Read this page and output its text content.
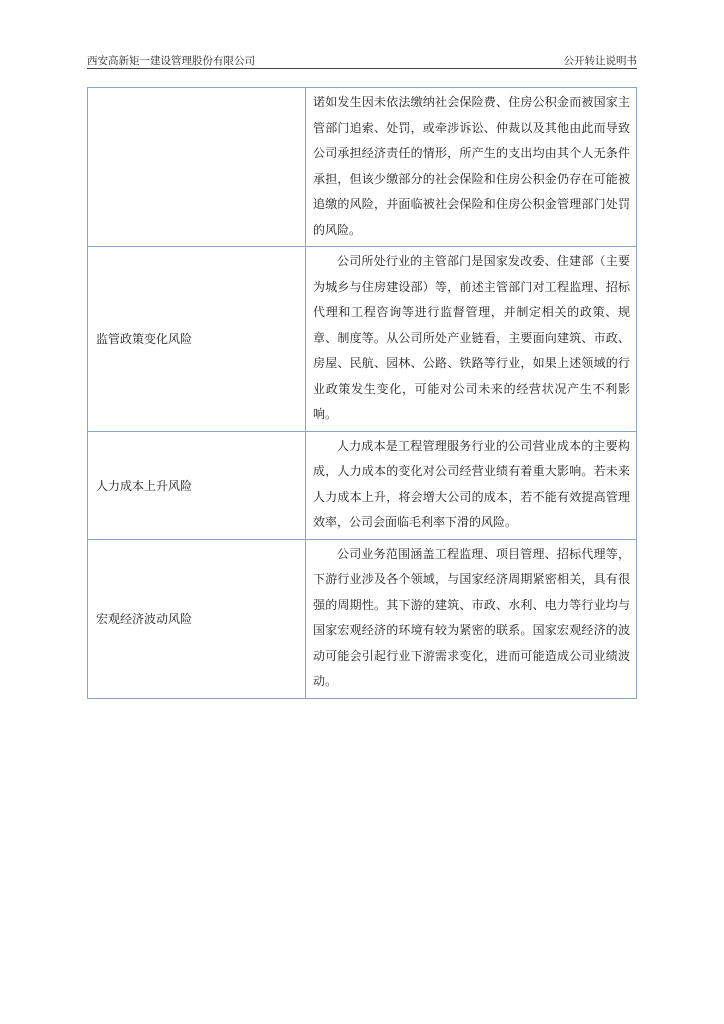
西安高新矩一建设管理股份有限公司	公开转让说明书

	诺如发生因未依法缴纳社会保险费、住房公积金而被国家主管部门追索、处罚，或牵涉诉讼、仲裁以及其他由此而导致公司承担经济责任的情形，所产生的支出均由其个人无条件承担，但该少缴部分的社会保险和住房公积金仍存在可能被追缴的风险，并面临被社会保险和住房公积金管理部门处罚的风险。

监管政策变化风险	公司所处行业的主管部门是国家发改委、住建部（主要为城乡与住房建设部）等，前述主管部门对工程监理、招标代理和工程咨询等进行监督管理，并制定相关的政策、规章、制度等。从公司所处产业链看，主要面向建筑、市政、房屋、民航、园林、公路、铁路等行业，如果上述领域的行业政策发生变化，可能对公司未来的经营状况产生不利影响。

人力成本上升风险	人力成本是工程管理服务行业的公司营业成本的主要构成，人力成本的变化对公司经营业绩有着重大影响。若未来人力成本上升，将会增大公司的成本，若不能有效提高管理效率，公司会面临毛利率下滑的风险。

宏观经济波动风险	公司业务范围涵盖工程监理、项目管理、招标代理等，下游行业涉及各个领域，与国家经济周期紧密相关，具有很强的周期性。其下游的建筑、市政、水利、电力等行业均与国家宏观经济的环境有较为紧密的联系。国家宏观经济的波动可能会引起行业下游需求变化，进而可能造成公司业绩波动。
